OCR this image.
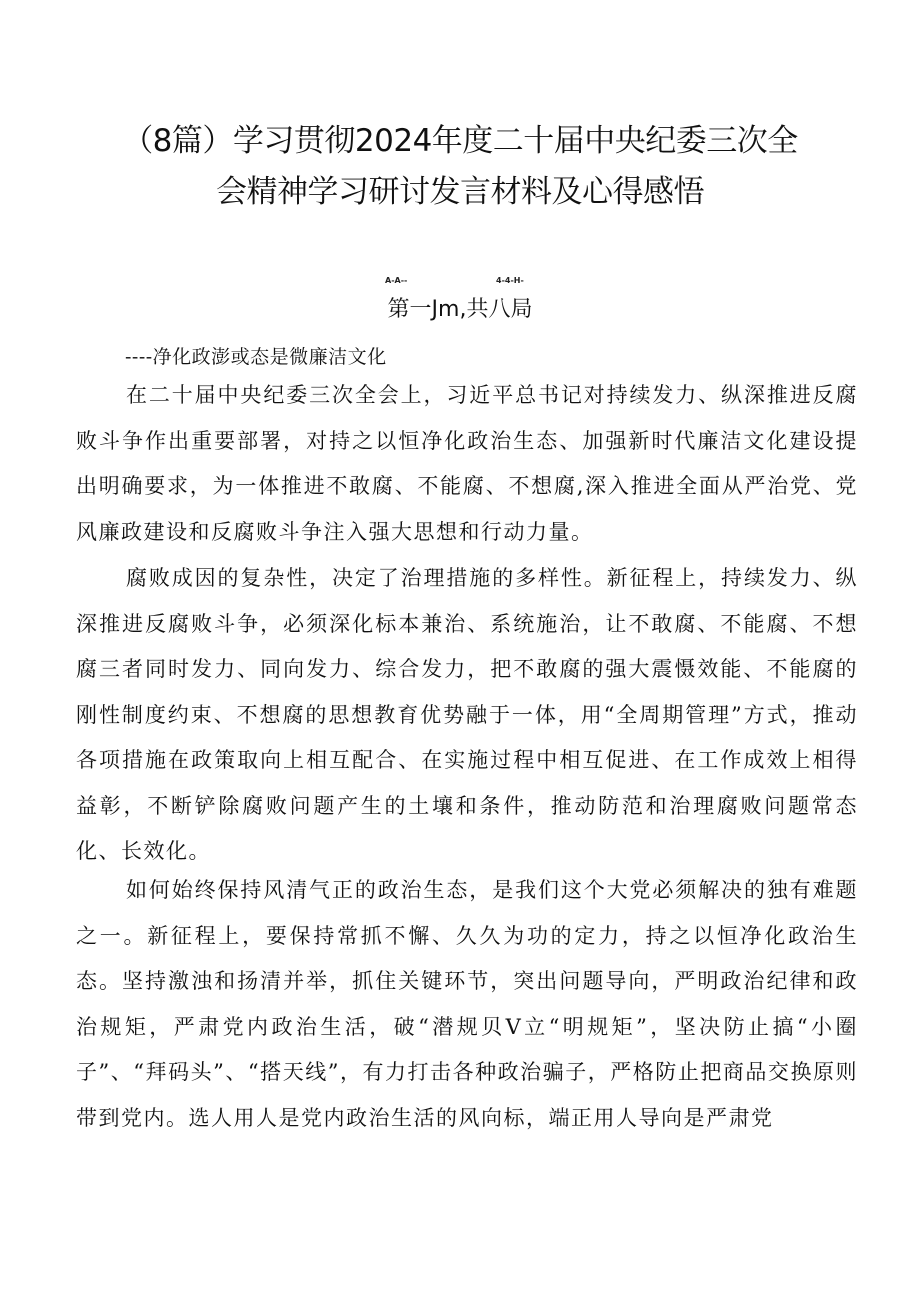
（8篇）学习贯彻2024年度二十届中央纪委三次全
会精神学习研讨发言材料及心得感悟
A-A--	4-4-H-
第一Jm,共八局
----净化政澎或态是微廉洁文化

在二十届中央纪委三次全会上，习近平总书记对持续发力、纵深推进反腐败斗争作出重要部署，对持之以恒净化政治生态、加强新时代廉洁文化建设提出明确要求，为一体推进不敢腐、不能腐、不想腐,深入推进全面从严治党、党风廉政建设和反腐败斗争注入强大思想和行动力量。

腐败成因的复杂性，决定了治理措施的多样性。新征程上，持续发力、纵深推进反腐败斗争，必须深化标本兼治、系统施治，让不敢腐、不能腐、不想腐三者同时发力、同向发力、综合发力，把不敢腐的强大震慑效能、不能腐的刚性制度约束、不想腐的思想教育优势融于一体，用“全周期管理”方式，推动各项措施在政策取向上相互配合、在实施过程中相互促进、在工作成效上相得益彰，不断铲除腐败问题产生的土壤和条件，推动防范和治理腐败问题常态化、长效化。

如何始终保持风清气正的政治生态，是我们这个大党必须解决的独有难题之一。新征程上，要保持常抓不懈、久久为功的定力，持之以恒净化政治生态。坚持激浊和扬清并举，抓住关键环节，突出问题导向，严明政治纪律和政治规矩，严肃党内政治生活，破“潜规贝V立“明规矩”，坚决防止搞“小圈子”、“拜码头”、“搭天线”，有力打击各种政治骗子，严格防止把商品交换原则带到党内。选人用人是党内政治生活的风向标，端正用人导向是严肃党
